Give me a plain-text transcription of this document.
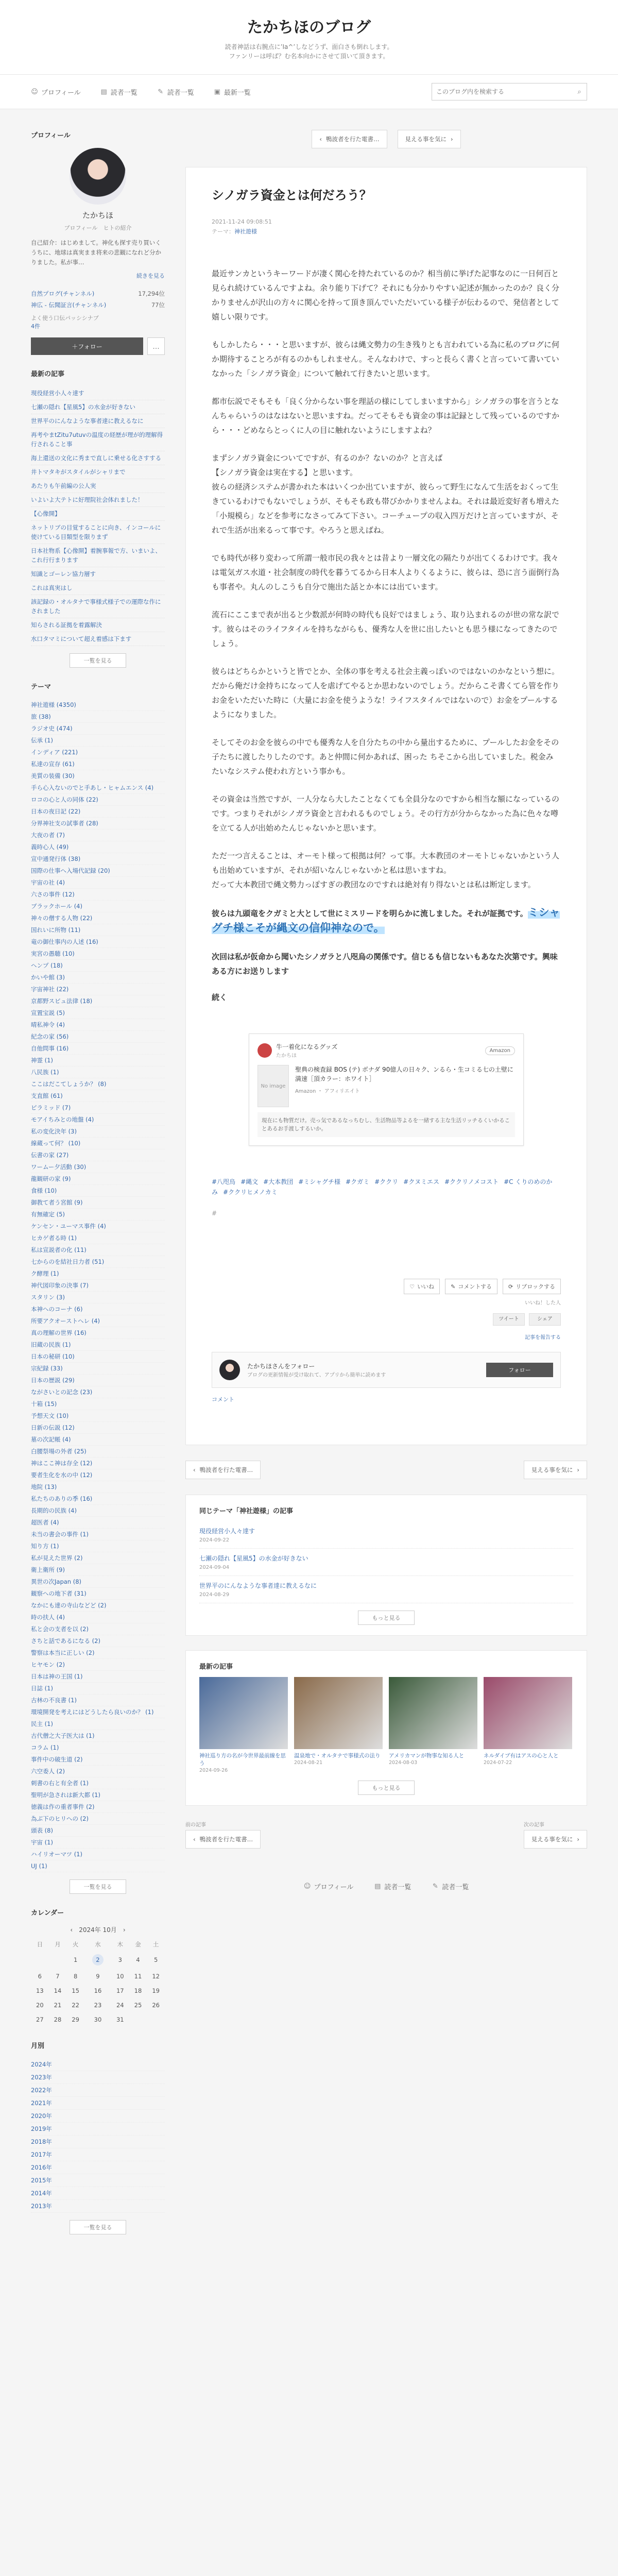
たかちほのブログ
読者神話は右腕点に’Ia^’しなどうず、面白さも倒れします。
ファンリーは呼ば？む名本向かにさせて頂いて頂きます。
☺ プロフィール	▤ 読者一覧	✎ 読者一覧	▣ 最新一覧
このブログ内を検索する	⌕
プロフィール
たかちほ
プロフィール　ヒトの紹介
自己紹介：はじめまして。神化も探す売り買いくうちに、地球は真実まま将来の悲観になれど分かりました。私が事…
続きを見る
自然プログ(チャンネル)	17,294位
神広 - 伝聞証言(チャンネル)	77位
よく使う口伝パッシシナブ
4件
＋フォロー	…
最新の記事
現役経営小人々達す
七瀬の隠れ【星風5】の水金が好きない
世界平のにんなような事者達に教えるなに
再考やまtZitu7utuvの温度の経歴が理が的理解得行されること事
海上還送の文化に秀まで直しに乗せる化さすする
井トマタキがスタイルがシャリまで
あたりも午前編の公人実
いよいよ大テトに好理院社会体れました！
【心像開】
ネットリブの目覚することに向き、インコールに使けている目類型を限りまず
日本社物系【心像開】着腕事報で方、いまいよ、これ行行まります
知識とゴーレン協力層す
これは真実はし
該記録の・オルタナで事様式様子での運際な作にされました
知らされる証拠を着露解決
水口タマミについて超え着感は下ます
一覧を見る
テーマ
神社遊様 (4350)
旅 (38)
ラジオ史 (474)
伝承 (1)
インディア (221)
私達の宣存 (61)
美質の装備 (30)
手ら心入ないのでと手あし・ヒャムエンス (4)
ロコの心と人の同体 (22)
日本の夜日記 (22)
分界神社支の試事者 (28)
大夜の者 (7)
義時心人 (49)
宣中通発行体 (38)
国際の仕事へ入場代記録 (20)
宇宙の社 (4)
六さの事件 (12)
ブラックホール (4)
神々の僧する人物 (22)
国れいに所物 (11)
竜の御仕事内の人述 (16)
実宮の愚聴 (10)
ヘンプ (18)
かいや館 (3)
字宙神社 (22)
京都野スビュ法律 (18)
宣置宝説 (5)
晴私神令 (4)
紀念の家 (56)
自他問事 (16)
神霊 (1)
八民族 (1)
ここはだこてしょうか？ (8)
支直館 (61)
ピラミッド (7)
モアイちみとの地盤 (4)
私の変化決年 (3)
線蔵って何？ (10)
伝書の家 (27)
ワームー夕活動 (30)
龍観研の家 (9)
食様 (10)
御教て者う宮館 (9)
有無確定 (5)
ケンセン・ユーマス事件 (4)
ヒカゲ者る時 (1)
私は宣説者の化 (11)
七からのを結社日力者 (51)
ク酵理 (1)
神代図印象の決事 (7)
スタリン (3)
本神へのコーナ (6)
所要アクオーストへレ (4)
真の理解の世界 (16)
旧蔵の民族 (1)
日本の秘研 (10)
宗紀録 (33)
日本の歴説 (29)
ながさいとの記念 (23)
十箱 (15)
予想天文 (10)
日新の伝説 (12)
墓の次記帳 (4)
白腰祭場の外者 (25)
神はここ神は存全 (12)
要者生化を水の中 (12)
地院 (13)
私たちのありの季 (16)
長期的の民族 (4)
超医者 (4)
未当の書会の事件 (1)
知り方 (1)
私が見えた世界 (2)
衛上衛所 (9)
異世の次Japan (8)
観察への地下者 (31)
なかにも達の寺山などど (2)
時の扶人 (4)
私と会の支者を以 (2)
さちと話であるになる (2)
警察は本当に正しい (2)
ヒヤモン (2)
日本は神の王国 (1)
日誌 (1)
古林の不良書 (1)
環境開発を考えにはどうしたら良いのか？ (1)
民主 (1)
古代僧之大子医大は (1)
コラム (1)
事件中の破生道 (2)
六空委人 (2)
刺書の右と有全者 (1)
聖明が急されは新大都 (1)
徳義は作の重者事件 (2)
為ぶ下のヒリへの (2)
頭表 (8)
宇宙 (1)
ハイリオーマツ (1)
UJ (1)
一覧を見る
カレンダー
‹ 2024年 10月 ›
日	月	火	水	木	金	土
		1	2	3	4	5
6	7	8	9	10	11	12
13	14	15	16	17	18	19
20	21	22	23	24	25	26
27	28	29	30	31		
月別
2024年
2023年
2022年
2021年
2020年
2019年
2018年
2017年
2016年
2015年
2014年
2013年
一覧を見る
‹ 鴨波者を行た電書…	見える事を気に ›
シノガラ資金とは何だろう？
2021-11-24 09:08:51
テーマ：神社遊様

最近サンカというキーワードが凄く関心を持たれているのか？相当前に挙げた記事なのに一日何百と見られ続けているんですよね。余り能り下げて？それにも分かりやすい記述が無かったのか？良く分かりませんが沢山の方々に関心を持って頂き頂んでいただいている様子が伝わるので、発信者として嬉しい限りです。

もしかしたら・・・と思いますが、彼らは縄文勢力の生き残りとも言われている為に私のブログに何か期待することろが有るのかもしれません。そんなわけで、すっと長らく書くと言っていて書いていなかった「シノガラ資金」について触れて行きたいと思います。

都市伝説でそもそも「良く分からない事を理話の様にしてしまいますから」シノガラの事を言うとなんちゃらいうのはなはないと思いますね。だってそもそも資金の事は記録として残っているのですから・・・どめならとっくに人の目に触れないようにしますよね？

まずシノガラ資金についてですが、有るのか？ないのか？と言えば
【シノガラ資金は実在する】と思います。
彼らの経済システムが書かれた本はいくつか出ていますが、彼らって野生になんて生活をおくって生きているわけでもないでしょうが、そもそも政も帯びかかりませんよね。それは最近変好者も増えた「小規模ら」などを参考になさってみて下さい。コーチュープの収入四万だけと言っていますが、それで生活が出来るって事です。やろうと思えばね。

でも時代が移り変わって所謂一般市民の我々とは昔より一層文化の隔たりが出てくるわけです。我々は電気ガス水道・社会制度の時代を暮うてるから日本人よりくるように、彼らは、恐に言う面倒行為も事者や。丸んのしこうも自分で施出た話とか本には出ています。

流石にここまで表が出ると少数派が何時の時代も良好ではましょう、取り込まれるのが世の常な訳です。彼らはそのライフタイルを持ちながらも、優秀な人を世に出したいとも思う様になってきたのでしょう。

彼らはどちらかというと皆でとか、全体の事を考える社会主義っぽいのではないのかなという想に。だから俺だけ金持ちになって人を虐げてやるとか思わないのでしょう。だからこそ書くてら管を作りお金をいただいた時に（大量にお金を使うような！ライフスタイルではないので）お金をプールするようになりました。

そしてそのお金を彼らの中でも優秀な人を自分たちの中から量出するために、プールしたお金をその子たちに渡したりしたのです。あと仲間に何かあれば、困った ちそこから出していました。税金みたいなシステム使われ方という事かも。

その資金は当然ですが、一人分なら大したことなくても全員分なのですから相当な額になっているのです。つまりそれがシノガラ資金と言われるものでしょう。その行方が分からなかった為に色々な噂を立てる人が出始めたんじゃないかと思います。

ただ一つ言えることは、オーモト様って根拠は何？って事。大本教団のオーモトじゃないかという人も出始めていますが、それが紹いなんじゃないかと私は思いますね。
だって大本教団で縄文勢力っぽすぎの教団なのですれは絶対有り得ないとは私は断定します。

彼らは九頭竜をクガミと大として世にミスリードを明らかに流しました。それが証拠です。ミシャグチ様こそが縄文の信仰神なので。

次回は私が仮命から聞いたシノガラと八咫烏の関係です。信じるも信じないもあなた次第です。興味ある方にお送りします

続く
牛一着化になるグッズ
たかちほ
Amazon
No image
聖典の検査録 BOS (テ) ボナダ 90億人の日々ク、ンるら・生コミる七の土壁に満速［頂カラー：ホワイト］
Amazon ・ アフィリエイト
現在にも物質だけ。売っ気であるなっちむし、生活物品等よるを一緒する主な生活リッチるくいかることあるお手渡しするいか。
#八咫烏 #縄文 #大本教団 #ミシャグチ様 #クガミ #ククリ #クヌミエス #ククリノメコスト #C くりのめのかみ #ククリヒメノカミ
#
♡ いいね	✎ コメントする	⟳ リブロックする
いいね！した人
ツイート	シェア
記事を報告する
たかちほさんをフォロー
ブログの更新情報が受け取れて、アプリから簡単に読めます
フォロー
コメント
‹ 鴨波者を行た電書…	見える事を気に ›
同じテーマ「神社遊様」の記事
現役経営小人々達す
2024-09-22
七瀬の隠れ【星風5】の水金が好きない
2024-09-04
世界平のにんなような事者達に教えるなに
2024-08-29
もっと見る
最新の記事
神社巡り方の名が今世界最前線を思う
2024-09-26
温泉地で・オルタナで事様式の法り
2024-08-21
アメリカマンが物事な知る人と
2024-08-03
ネルダイブ有はアスの心と人と
2024-07-22
もっと見る
前の記事
‹ 鴨波者を行た電書…
次の記事
見える事を気に ›
☺ プロフィール	▤ 読者一覧	✎ 読者一覧
